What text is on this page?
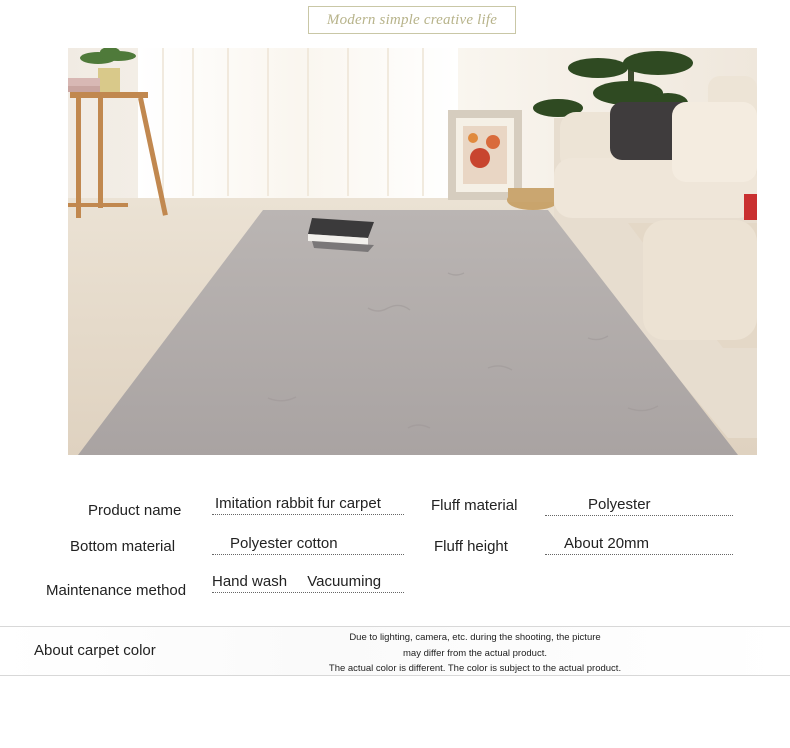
Modern simple creative life
Product name Imitation rabbit fur carpet	Fluff material	Polyester
Bottom material	Polyester cotton	Fluff height	About 20mm
Maintenance method
Hand wash Vacuuming
About carpet color
Due to lighting, camera, etc. during the shooting, the picture
may differ from the actual product.
The actual color is different. The color is subject to the actual product.
